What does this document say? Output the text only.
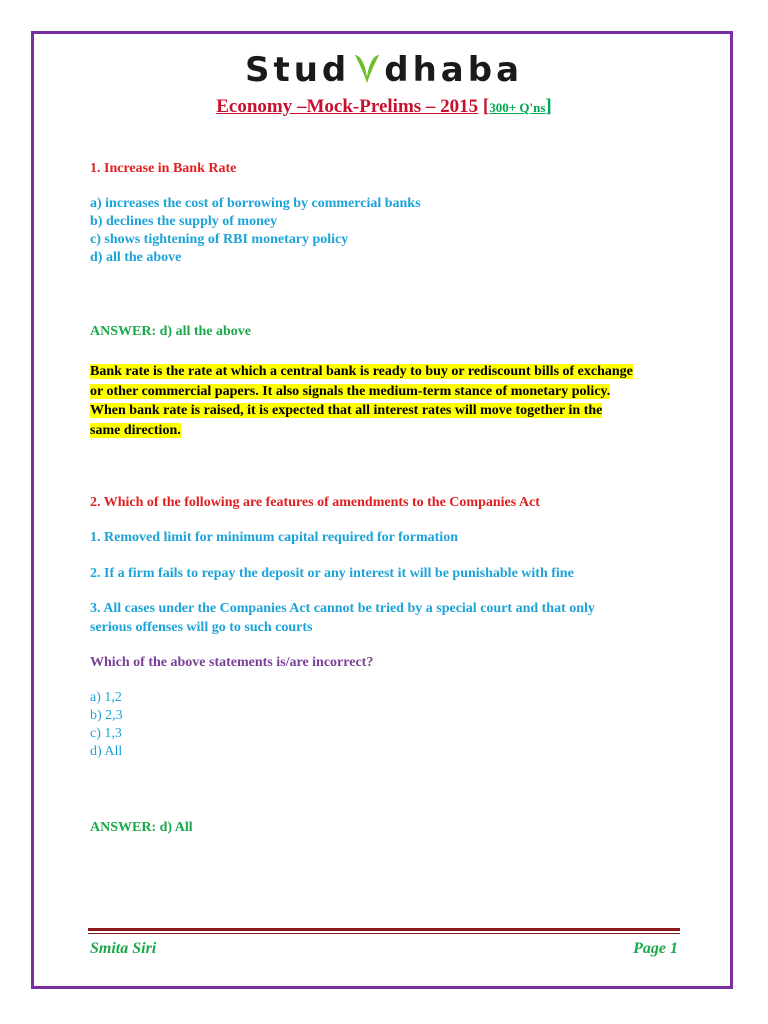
Stud dhaba
Economy –Mock-Prelims – 2015 [300+ Q'ns]
1. Increase in Bank Rate
a) increases the cost of borrowing by commercial banks
b) declines the supply of money
c) shows tightening of RBI monetary policy
d) all the above
ANSWER: d) all the above
Bank rate is the rate at which a central bank is ready to buy or rediscount bills of exchange
or other commercial papers. It also signals the medium-term stance of monetary policy.
When bank rate is raised, it is expected that all interest rates will move together in the
same direction.
2. Which of the following are features of amendments to the Companies Act
1. Removed limit for minimum capital required for formation
2. If a firm fails to repay the deposit or any interest it will be punishable with fine
3. All cases under the Companies Act cannot be tried by a special court and that only
serious offenses will go to such courts
Which of the above statements is/are incorrect?
a) 1,2
b) 2,3
c) 1,3
d) All
ANSWER: d) All
Smita Siri	Page 1
